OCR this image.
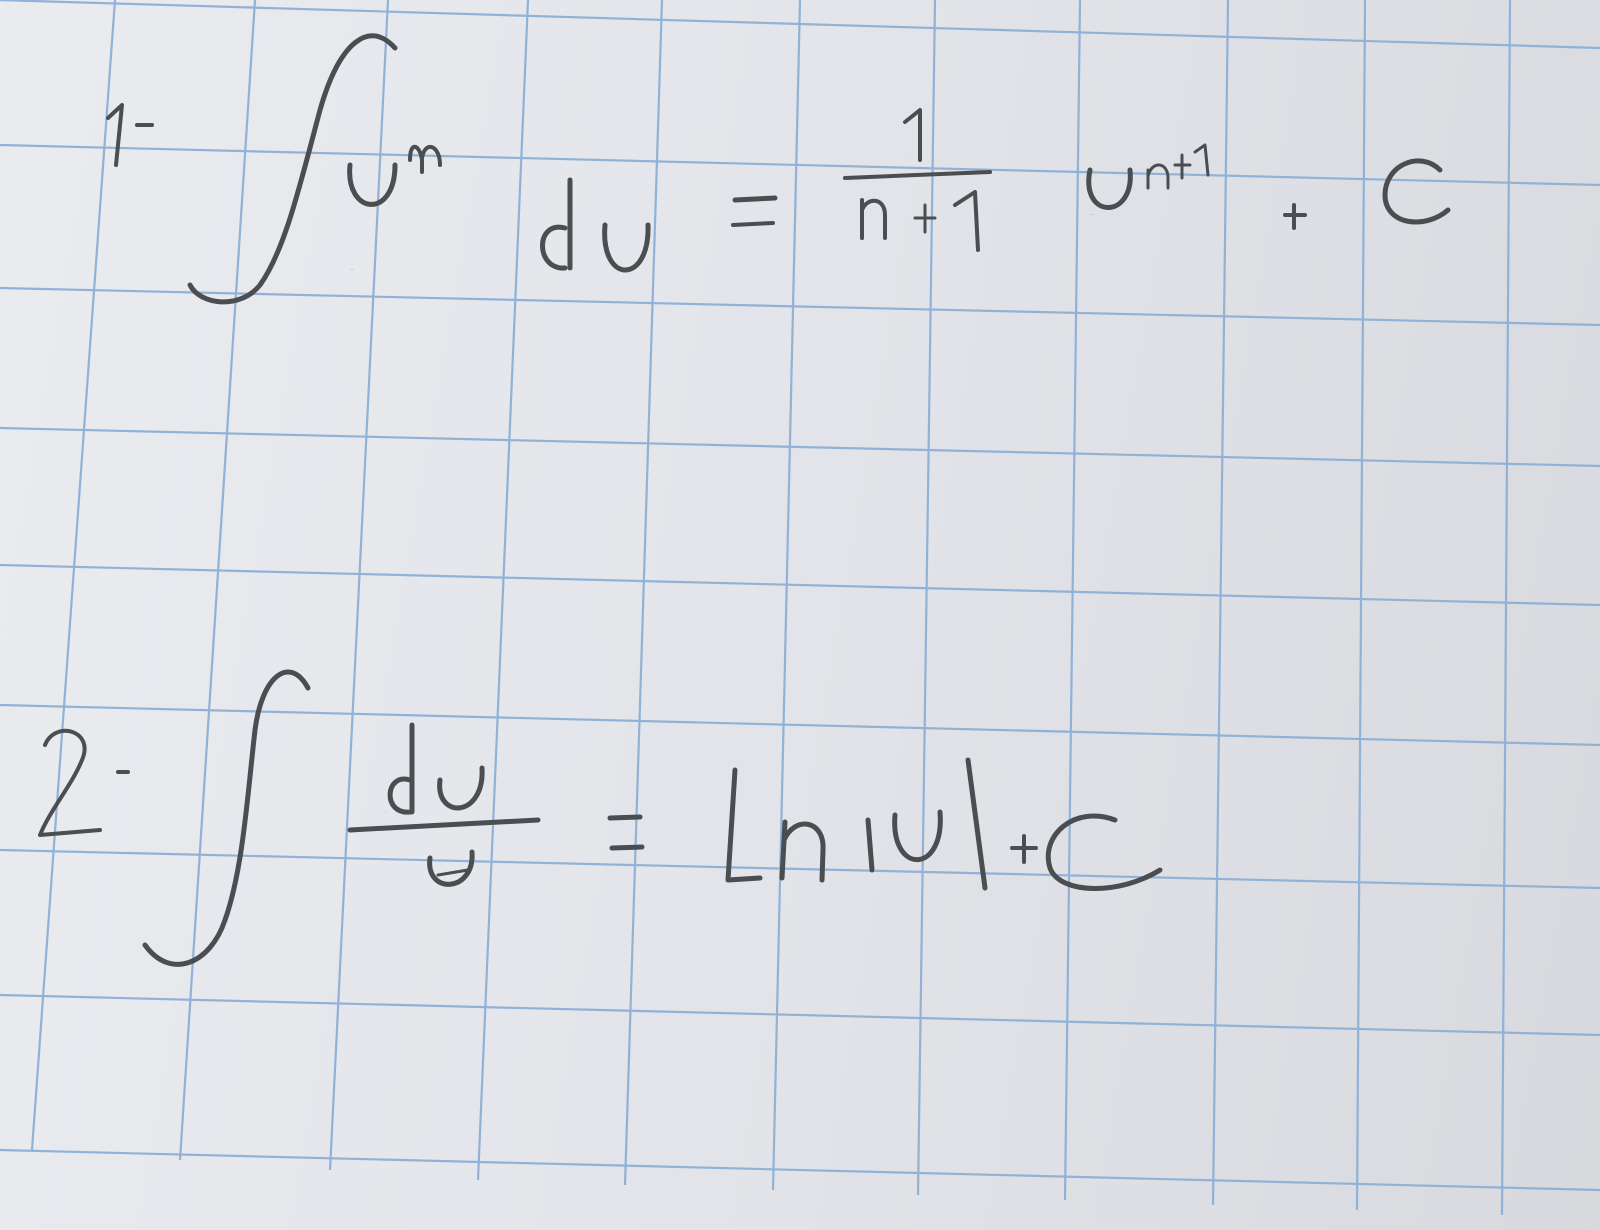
1-
u^n du
1
n+1
u^(n+1)
+ C
2-
du
u
ln|u| + c
